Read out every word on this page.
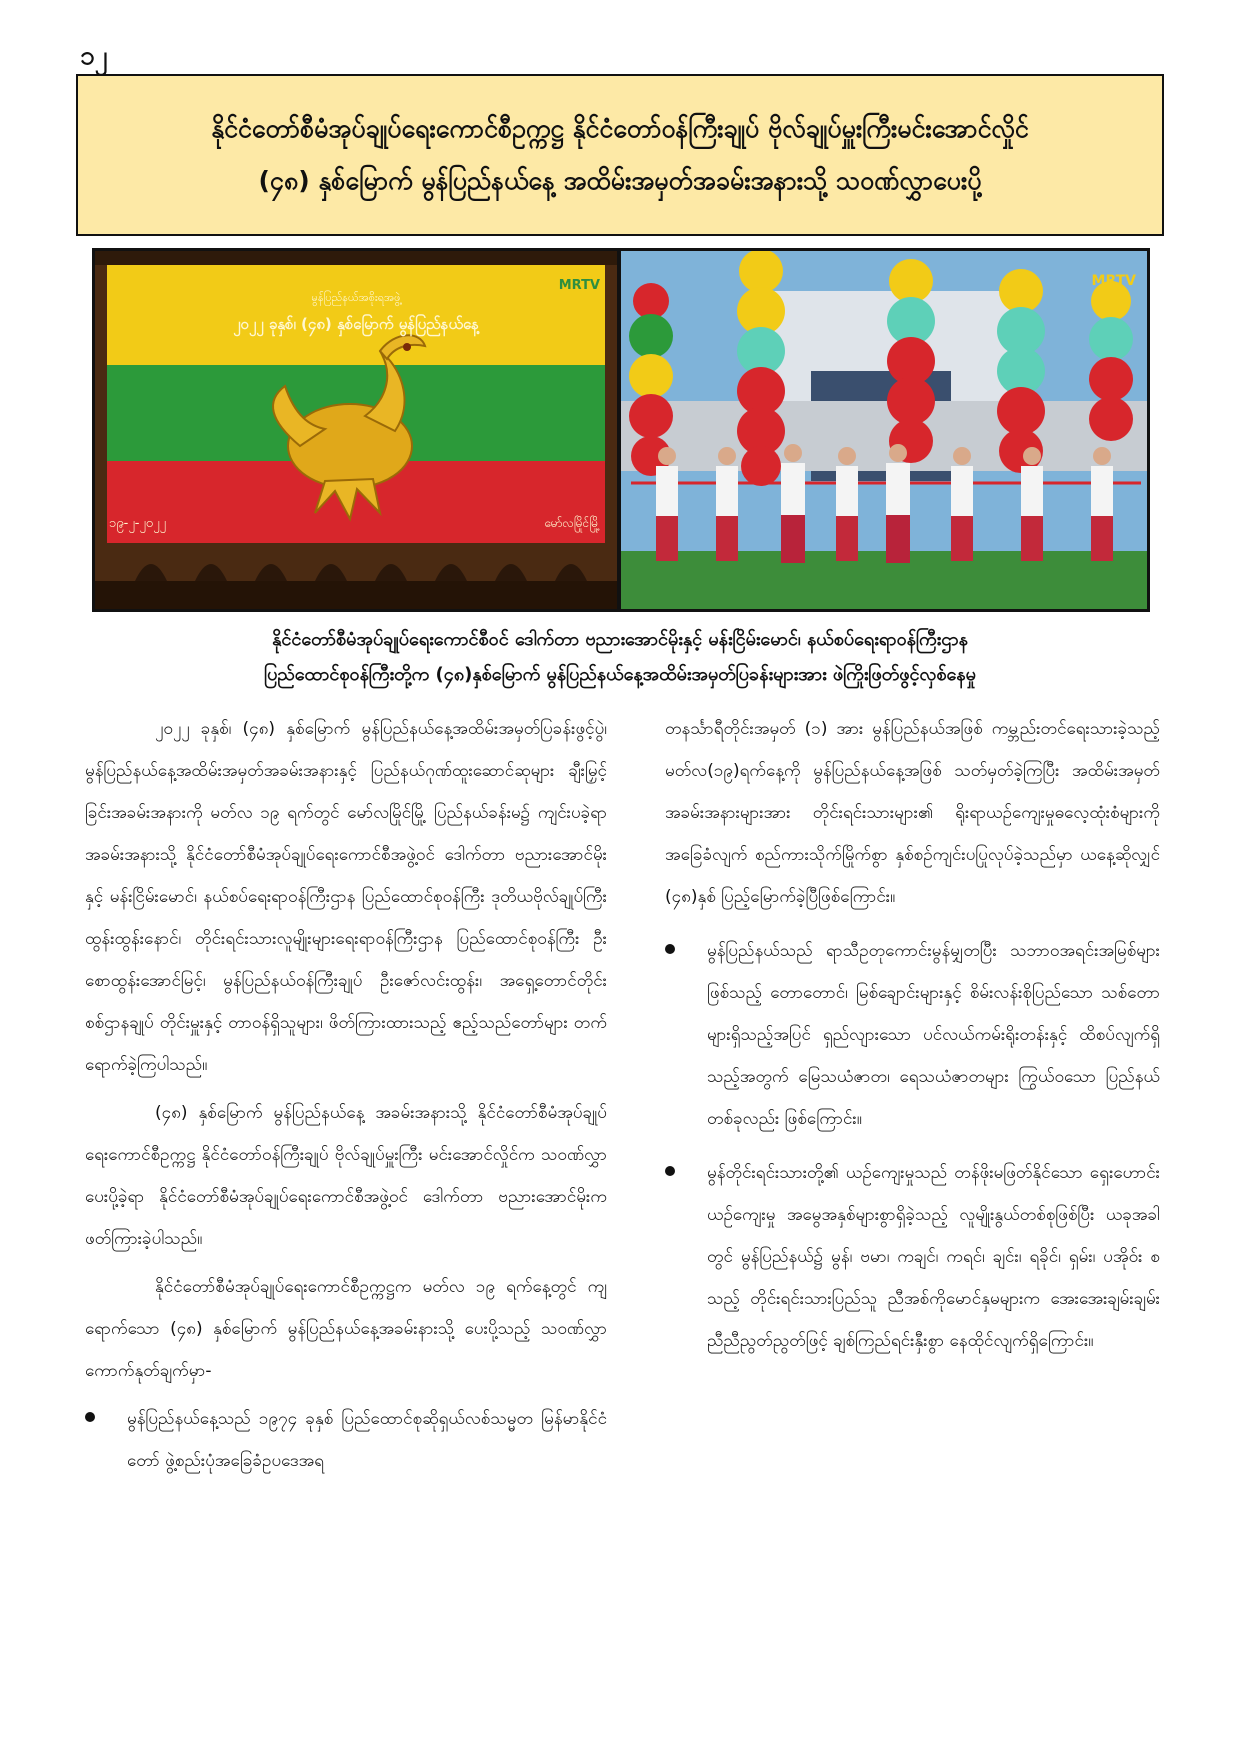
၁၂
နိုင်ငံတော်စီမံအုပ်ချုပ်ရေးကောင်စီဥက္ကဋ္ဌ နိုင်ငံတော်ဝန်ကြီးချုပ် ဗိုလ်ချုပ်မှူးကြီးမင်းအောင်လှိုင်
(၄၈) နှစ်မြောက် မွန်ပြည်နယ်နေ့ အထိမ်းအမှတ်အခမ်းအနားသို့ သဝဏ်လွှာပေးပို့
မွန်ပြည်နယ်အစိုးရအဖွဲ့
၂၀၂၂ ခုနှစ်၊ (၄၈) နှစ်မြောက် မွန်ပြည်နယ်နေ့
၁၉-၂-၂၀၂၂	မော်လမြိုင်မြို့
MRTV	MRTV
နိုင်ငံတော်စီမံအုပ်ချုပ်ရေးကောင်စီဝင် ဒေါက်တာ ဗညားအောင်မိုးနှင့် မန်းငြိမ်းမောင်၊ နယ်စပ်ရေးရာဝန်ကြီးဌာန
ပြည်ထောင်စုဝန်ကြီးတို့က (၄၈)နှစ်မြောက် မွန်ပြည်နယ်နေ့အထိမ်းအမှတ်ပြခန်းများအား ဖဲကြိုးဖြတ်ဖွင့်လှစ်နေမှု

၂၀၂၂ ခုနှစ်၊ (၄၈) နှစ်မြောက် မွန်ပြည်နယ်နေ့အထိမ်းအမှတ်ပြခန်းဖွင့်ပွဲ၊ မွန်ပြည်နယ်နေ့အထိမ်းအမှတ်အခမ်းအနားနှင့် ပြည်နယ်ဂုဏ်ထူးဆောင်ဆုများ ချီးမြှင့်ခြင်းအခမ်းအနားကို မတ်လ ၁၉ ရက်တွင် မော်လမြိုင်မြို့ ပြည်နယ်ခန်းမ၌ ကျင်းပခဲ့ရာ အခမ်းအနားသို့ နိုင်ငံတော်စီမံအုပ်ချုပ်ရေးကောင်စီအဖွဲ့ဝင် ဒေါက်တာ ဗညားအောင်မိုးနှင့် မန်းငြိမ်းမောင်၊ နယ်စပ်ရေးရာဝန်ကြီးဌာန ပြည်ထောင်စုဝန်ကြီး ဒုတိယဗိုလ်ချုပ်ကြီး ထွန်းထွန်းနောင်၊ တိုင်းရင်းသားလူမျိုးများရေးရာဝန်ကြီးဌာန ပြည်ထောင်စုဝန်ကြီး ဦးစောထွန်းအောင်မြင့်၊ မွန်ပြည်နယ်ဝန်ကြီးချုပ် ဦးဇော်လင်းထွန်း၊ အရှေ့တောင်တိုင်းစစ်ဌာနချုပ် တိုင်းမှူးနှင့် တာဝန်ရှိသူများ၊ ဖိတ်ကြားထားသည့် ဧည့်သည်တော်များ တက်ရောက်ခဲ့ကြပါသည်။

(၄၈) နှစ်မြောက် မွန်ပြည်နယ်နေ့ အခမ်းအနားသို့ နိုင်ငံတော်စီမံအုပ်ချုပ်ရေးကောင်စီဥက္ကဋ္ဌ နိုင်ငံတော်ဝန်ကြီးချုပ် ဗိုလ်ချုပ်မှူးကြီး မင်းအောင်လှိုင်က သဝဏ်လွှာ ပေးပို့ခဲ့ရာ နိုင်ငံတော်စီမံအုပ်ချုပ်ရေးကောင်စီအဖွဲ့ဝင် ဒေါက်တာ ဗညားအောင်မိုးက ဖတ်ကြားခဲ့ပါသည်။

နိုင်ငံတော်စီမံအုပ်ချုပ်ရေးကောင်စီဥက္ကဋ္ဌက မတ်လ ၁၉ ရက်နေ့တွင် ကျရောက်သော (၄၈) နှစ်မြောက် မွန်ပြည်နယ်နေ့အခမ်းနားသို့ ပေးပို့သည့် သဝဏ်လွှာကောက်နုတ်ချက်မှာ-

မွန်ပြည်နယ်နေ့သည် ၁၉၇၄ ခုနှစ် ပြည်ထောင်စုဆိုရှယ်လစ်သမ္မတ မြန်မာနိုင်ငံတော် ဖွဲ့စည်းပုံအခြေခံဥပဒေအရ

တနင်္သာရီတိုင်းအမှတ် (၁) အား မွန်ပြည်နယ်အဖြစ် ကမ္ဘည်းတင်ရေးသားခဲ့သည့် မတ်လ(၁၉)ရက်နေ့ကို မွန်ပြည်နယ်နေ့အဖြစ် သတ်မှတ်ခဲ့ကြပြီး အထိမ်းအမှတ်အခမ်းအနားများအား တိုင်းရင်းသားများ၏ ရိုးရာယဉ်ကျေးမှုဓလေ့ထုံးစံများကို အခြေခံလျက် စည်ကားသိုက်မြိုက်စွာ နှစ်စဉ်ကျင်းပပြုလုပ်ခဲ့သည်မှာ ယနေ့ဆိုလျှင် (၄၈)နှစ် ပြည့်မြောက်ခဲ့ပြီဖြစ်ကြောင်း။

မွန်ပြည်နယ်သည် ရာသီဥတုကောင်းမွန်မျှတပြီး သဘာဝအရင်းအမြစ်များဖြစ်သည့် တောတောင်၊ မြစ်ချောင်းများနှင့် စိမ်းလန်းစိုပြည်သော သစ်တောများရှိသည့်အပြင် ရှည်လျားသော ပင်လယ်ကမ်းရိုးတန်းနှင့် ထိစပ်လျက်ရှိသည့်အတွက် မြေသယံဇာတ၊ ရေသယံဇာတများ ကြွယ်ဝသော ပြည်နယ်တစ်ခုလည်း ဖြစ်ကြောင်း။
မွန်တိုင်းရင်းသားတို့၏ ယဉ်ကျေးမှုသည် တန်ဖိုးမဖြတ်နိုင်သော ရှေးဟောင်းယဉ်ကျေးမှု အမွေအနှစ်များစွာရှိခဲ့သည့် လူမျိုးနွယ်တစ်စုဖြစ်ပြီး ယခုအခါတွင် မွန်ပြည်နယ်၌ မွန်၊ ဗမာ၊ ကချင်၊ ကရင်၊ ချင်း၊ ရခိုင်၊ ရှမ်း၊ ပအိုဝ်း စသည့် တိုင်းရင်းသားပြည်သူ ညီအစ်ကိုမောင်နှမများက အေးအေးချမ်းချမ်း ညီညီညွတ်ညွတ်ဖြင့် ချစ်ကြည်ရင်းနှီးစွာ နေထိုင်လျက်ရှိကြောင်း။
